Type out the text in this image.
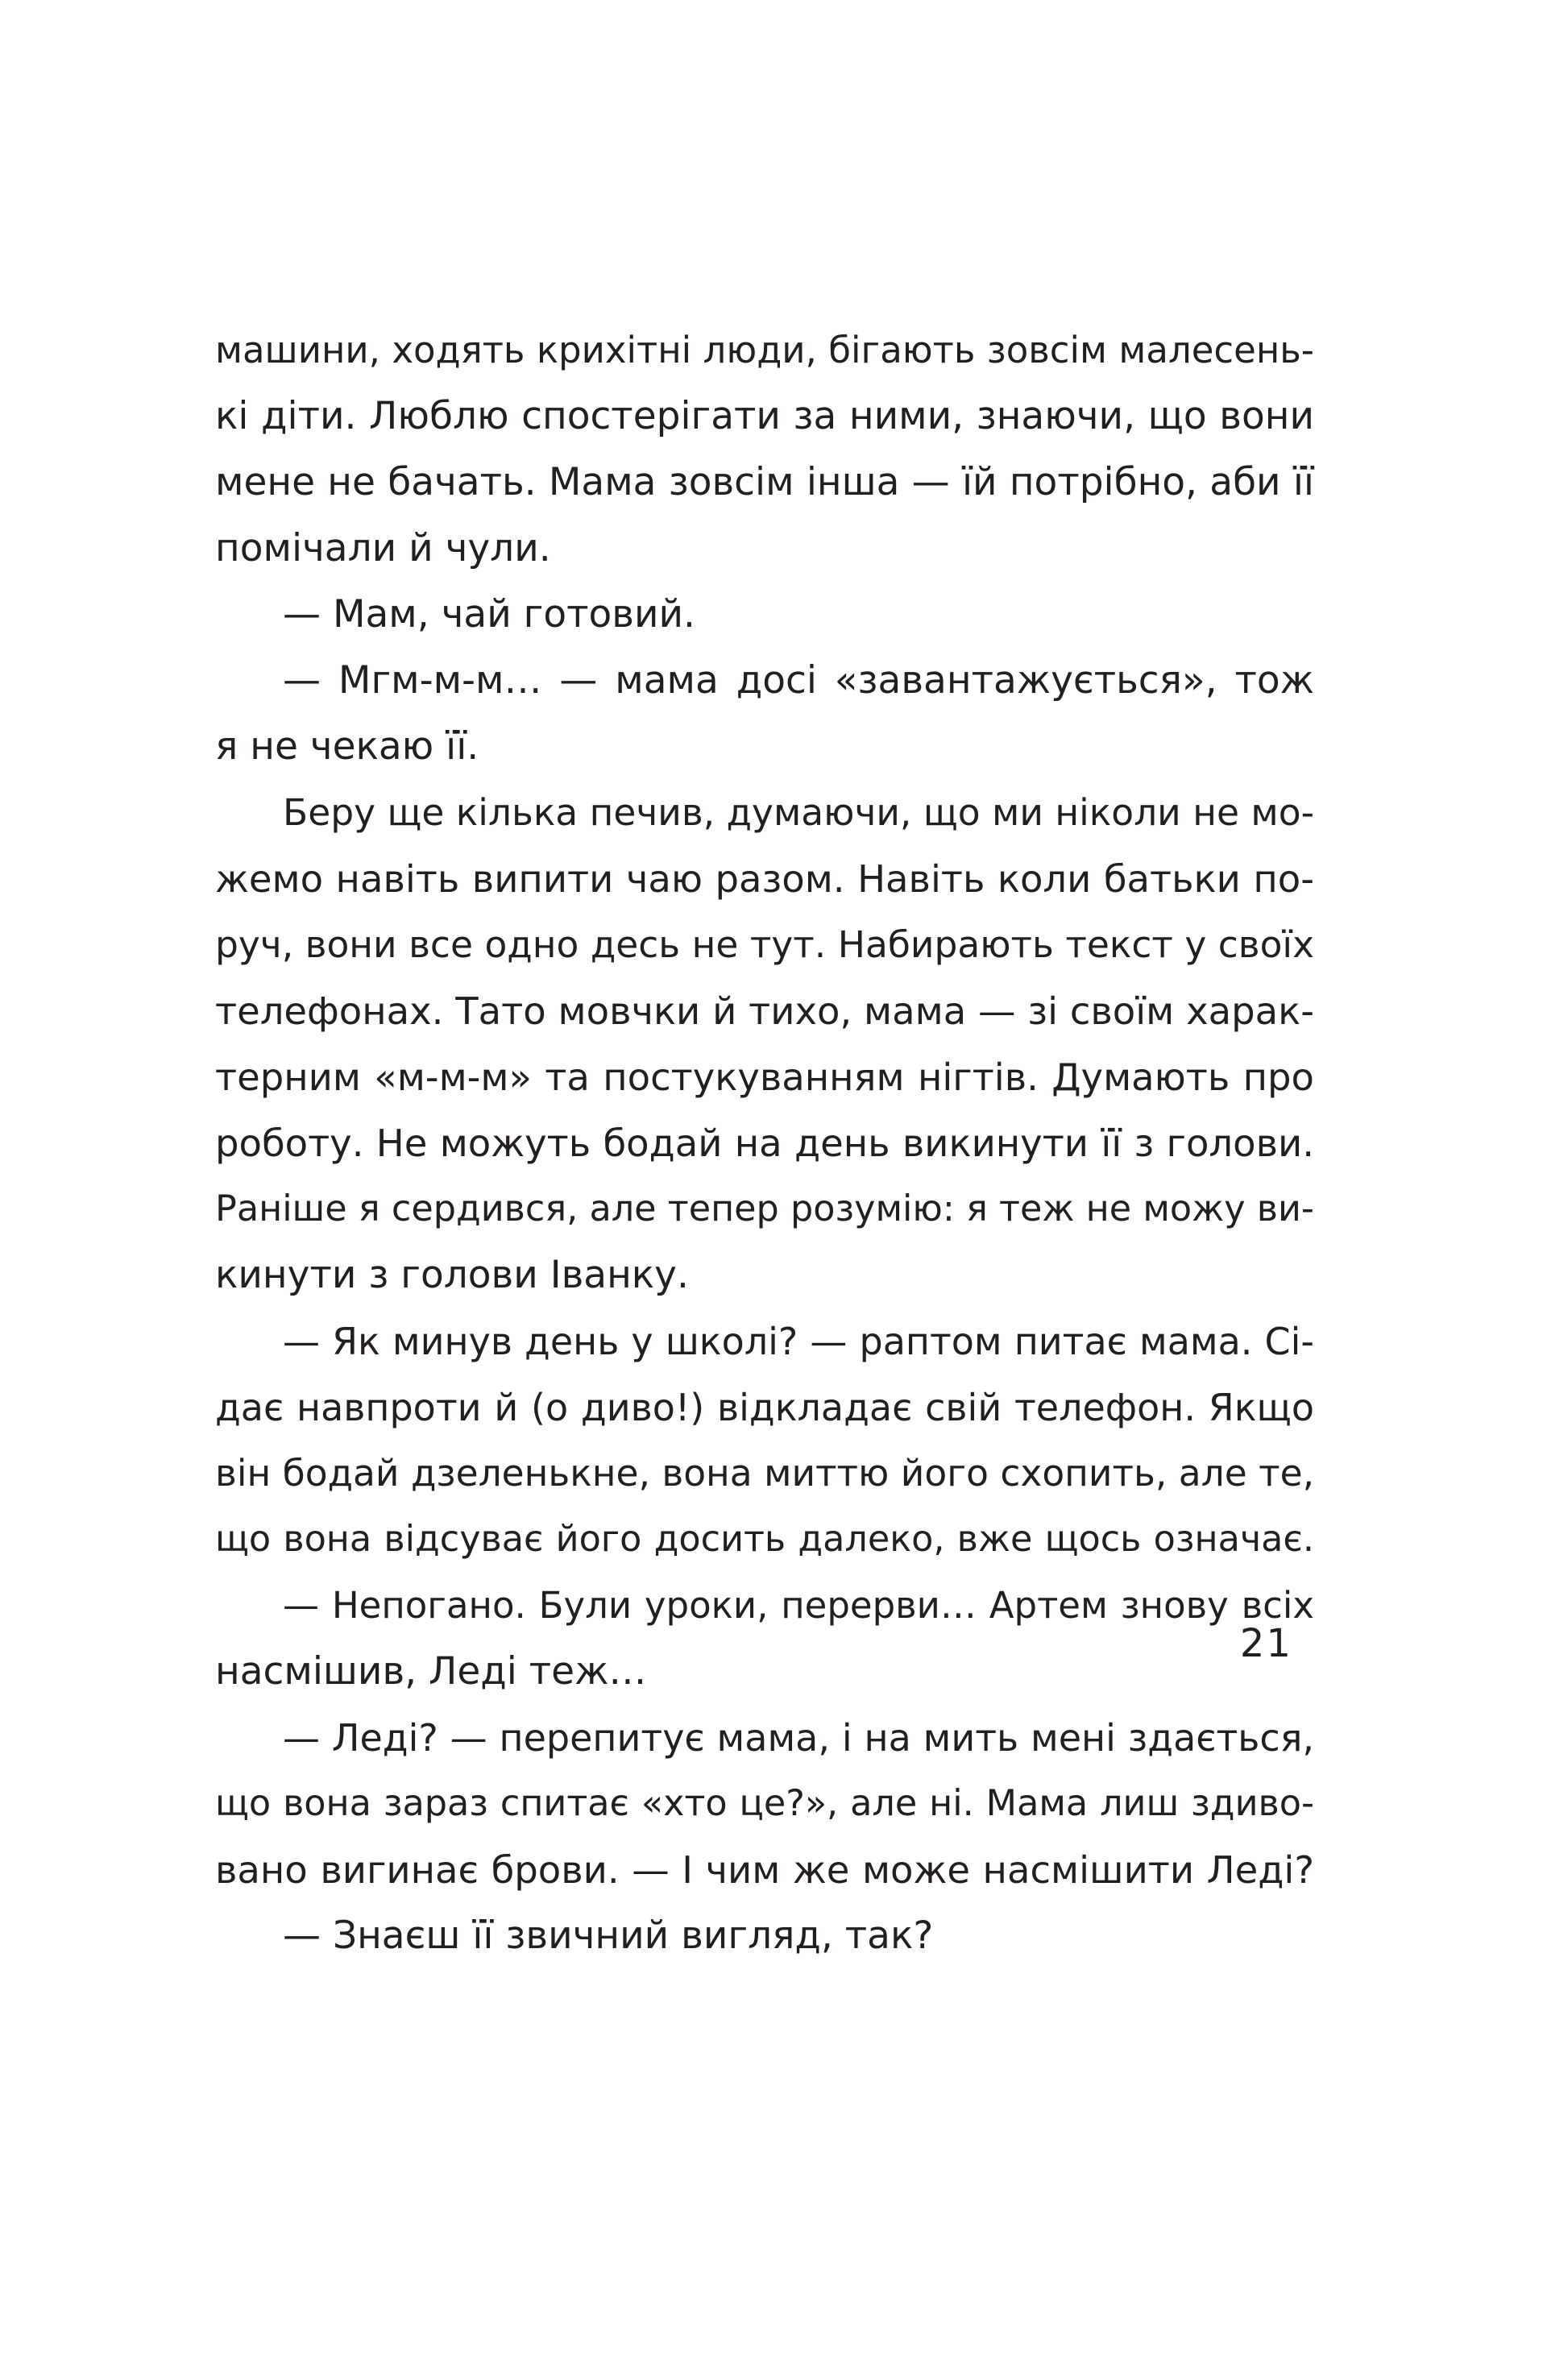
машини, ходять крихітні люди, бігають зовсім малесень-
кі діти. Люблю спостерігати за ними, знаючи, що вони
мене не бачать. Мама зовсім інша — їй потрібно, аби її
помічали й чули.
— Мам, чай готовий.
— Мгм-м-м… — мама досі «завантажується», тож
я не чекаю її.
Беру ще кілька печив, думаючи, що ми ніколи не мо-
жемо навіть випити чаю разом. Навіть коли батьки по-
руч, вони все одно десь не тут. Набирають текст у своїх
телефонах. Тато мовчки й тихо, мама — зі своїм харак-
терним «м-м-м» та постукуванням нігтів. Думають про
роботу. Не можуть бодай на день викинути її з голови.
Раніше я сердився, але тепер розумію: я теж не можу ви-
кинути з голови Іванку.
— Як минув день у школі? — раптом питає мама. Сі-
дає навпроти й (о диво!) відкладає свій телефон. Якщо
він бодай дзеленькне, вона миттю його схопить, але те,
що вона відсуває його досить далеко, вже щось означає.
— Непогано. Були уроки, перерви… Артем знову всіх
насмішив, Леді теж…
— Леді? — перепитує мама, і на мить мені здається,
що вона зараз спитає «хто це?», але ні. Мама лиш здиво-
вано вигинає брови. — І чим же може насмішити Леді?
— Знаєш її звичний вигляд, так?
21
